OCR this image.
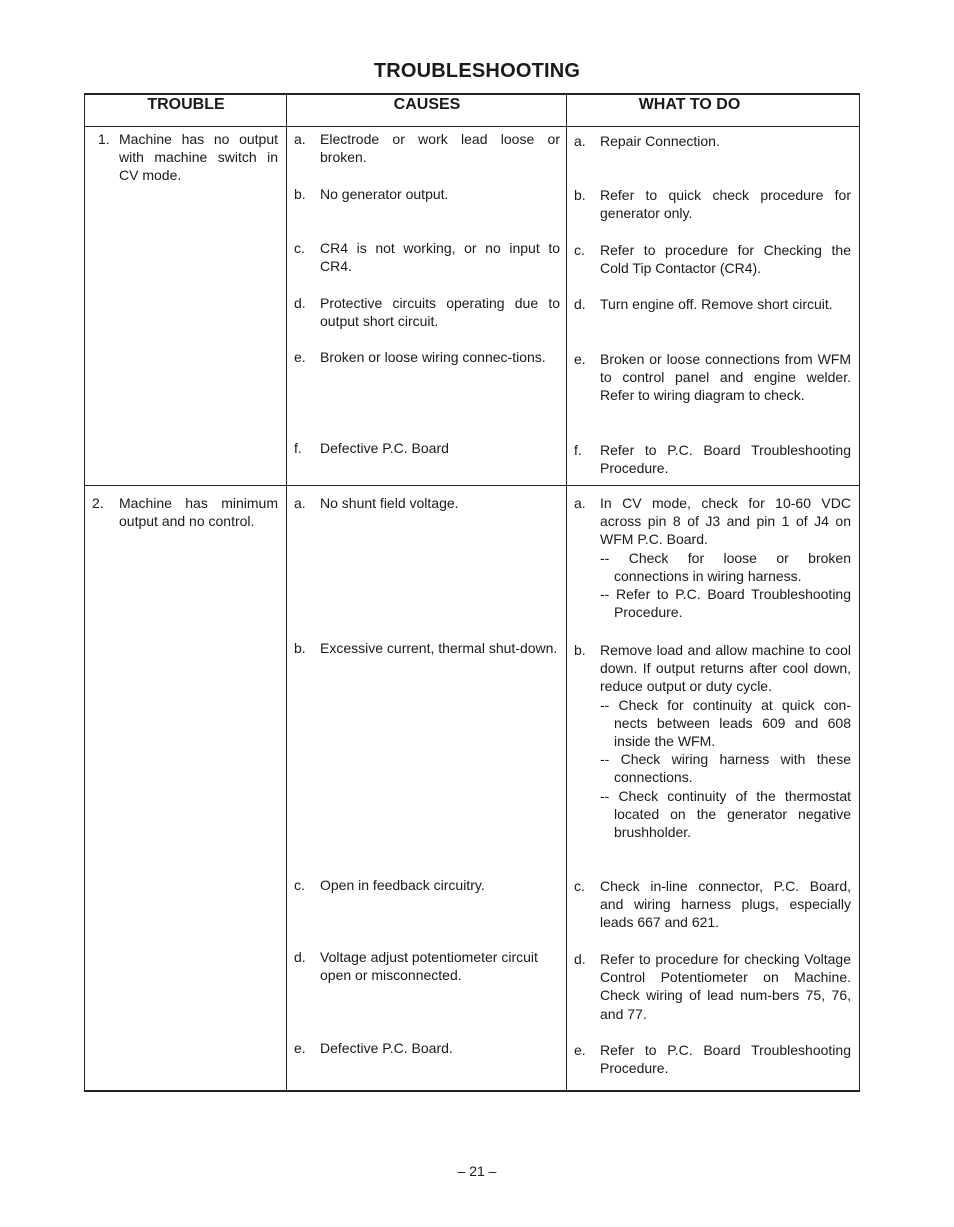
TROUBLESHOOTING
TROUBLE	CAUSES	WHAT TO DO
1. Machine has no output with machine switch in CV mode.
a. Electrode or work lead loose or broken.
b. No generator output.
c. CR4 is not working, or no input to CR4.
d. Protective circuits operating due to output short circuit.
e. Broken or loose wiring connec-tions.
f. Defective P.C. Board
a. Repair Connection.
b. Refer to quick check procedure for generator only.
c. Refer to procedure for Checking the Cold Tip Contactor (CR4).
d. Turn engine off. Remove short circuit.
e. Broken or loose connections from WFM to control panel and engine welder. Refer to wiring diagram to check.
f. Refer to P.C. Board Troubleshooting Procedure.
2. Machine has minimum output and no control.
a. No shunt field voltage.
b. Excessive current, thermal shut-down.
c. Open in feedback circuitry.
d. Voltage adjust potentiometer circuit open or misconnected.
e. Defective P.C. Board.
a. In CV mode, check for 10-60 VDC across pin 8 of J3 and pin 1 of J4 on WFM P.C. Board.
-- Check for loose or broken connections in wiring harness.
-- Refer to P.C. Board Troubleshooting Procedure.
b. Remove load and allow machine to cool down. If output returns after cool down, reduce output or duty cycle.
-- Check for continuity at quick con-nects between leads 609 and 608 inside the WFM.
-- Check wiring harness with these connections.
-- Check continuity of the thermostat located on the generator negative brushholder.
c. Check in-line connector, P.C. Board, and wiring harness plugs, especially leads 667 and 621.
d. Refer to procedure for checking Voltage Control Potentiometer on Machine. Check wiring of lead num-bers 75, 76, and 77.
e. Refer to P.C. Board Troubleshooting Procedure.
– 21 –
